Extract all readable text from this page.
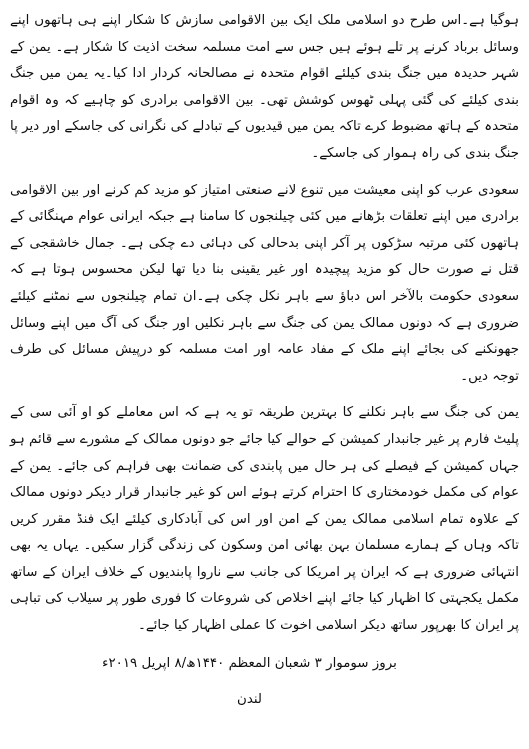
ہوگیا ہے۔اس طرح دو اسلامی ملک ایک بین الاقوامی سازش کا شکار اپنے ہی ہاتھوں اپنے وسائل برباد کرنے پر تلے ہوئے ہیں جس سے امت مسلمہ سخت اذیت کا شکار ہے۔ یمن کے شہر حدیدہ میں جنگ بندی کیلئے اقوام متحدہ نے مصالحانہ کردار ادا کیا۔یہ یمن میں جنگ بندی کیلئے کی گئی پہلی ٹھوس کوشش تھی۔ بین الاقوامی برادری کو چاہیے کہ وہ اقوام متحدہ کے ہاتھ مضبوط کرے تاکہ یمن میں قیدیوں کے تبادلے کی نگرانی کی جاسکے اور دیر پا جنگ بندی کی راہ ہموار کی جاسکے۔

سعودی عرب کو اپنی معیشت میں تنوع لانے صنعتی امتیاز کو مزید کم کرنے اور بین الاقوامی برادری میں اپنے تعلقات بڑھانے میں کئی چیلنجوں کا سامنا ہے جبکہ ایرانی عوام مہنگائی کے ہاتھوں کئی مرتبہ سڑکوں پر آکر اپنی بدحالی کی دہائی دے چکی ہے۔ جمال خاشقجی کے قتل نے صورت حال کو مزید پیچیدہ اور غیر یقینی بنا دیا تھا لیکن محسوس ہوتا ہے کہ سعودی حکومت بالآخر اس دباؤ سے باہر نکل چکی ہے۔ان تمام چیلنجوں سے نمٹنے کیلئے ضروری ہے کہ دونوں ممالک یمن کی جنگ سے باہر نکلیں اور جنگ کی آگ میں اپنے وسائل جھونکنے کی بجائے اپنے ملک کے مفاد عامہ اور امت مسلمہ کو درپیش مسائل کی طرف توجہ دیں۔

یمن کی جنگ سے باہر نکلنے کا بہترین طریقہ تو یہ ہے کہ اس معاملے کو او آئی سی کے پلیٹ فارم پر غیر جانبدار کمیشن کے حوالے کیا جائے جو دونوں ممالک کے مشورے سے قائم ہو جہاں کمیشن کے فیصلے کی ہر حال میں پابندی کی ضمانت بھی فراہم کی جائے۔ یمن کے عوام کی مکمل خودمختاری کا احترام کرتے ہوئے اس کو غیر جانبدار قرار دیکر دونوں ممالک کے علاوہ تمام اسلامی ممالک یمن کے امن اور اس کی آبادکاری کیلئے ایک فنڈ مقرر کریں تاکہ وہاں کے ہمارے مسلمان بہن بھائی امن وسکون کی زندگی گزار سکیں۔ یہاں یہ بھی انتہائی ضروری ہے کہ ایران پر امریکا کی جانب سے ناروا پابندیوں کے خلاف ایران کے ساتھ مکمل یکجہتی کا اظہار کیا جائے اپنے اخلاص کی شروعات کا فوری طور پر سیلاب کی تباہی پر ایران کا بھرپور ساتھ دیکر اسلامی اخوت کا عملی اظہار کیا جائے۔

بروز سوموار ۳ شعبان المعظم ۱۴۴۰ھ/۸ اپریل ۲۰۱۹ء
لندن
